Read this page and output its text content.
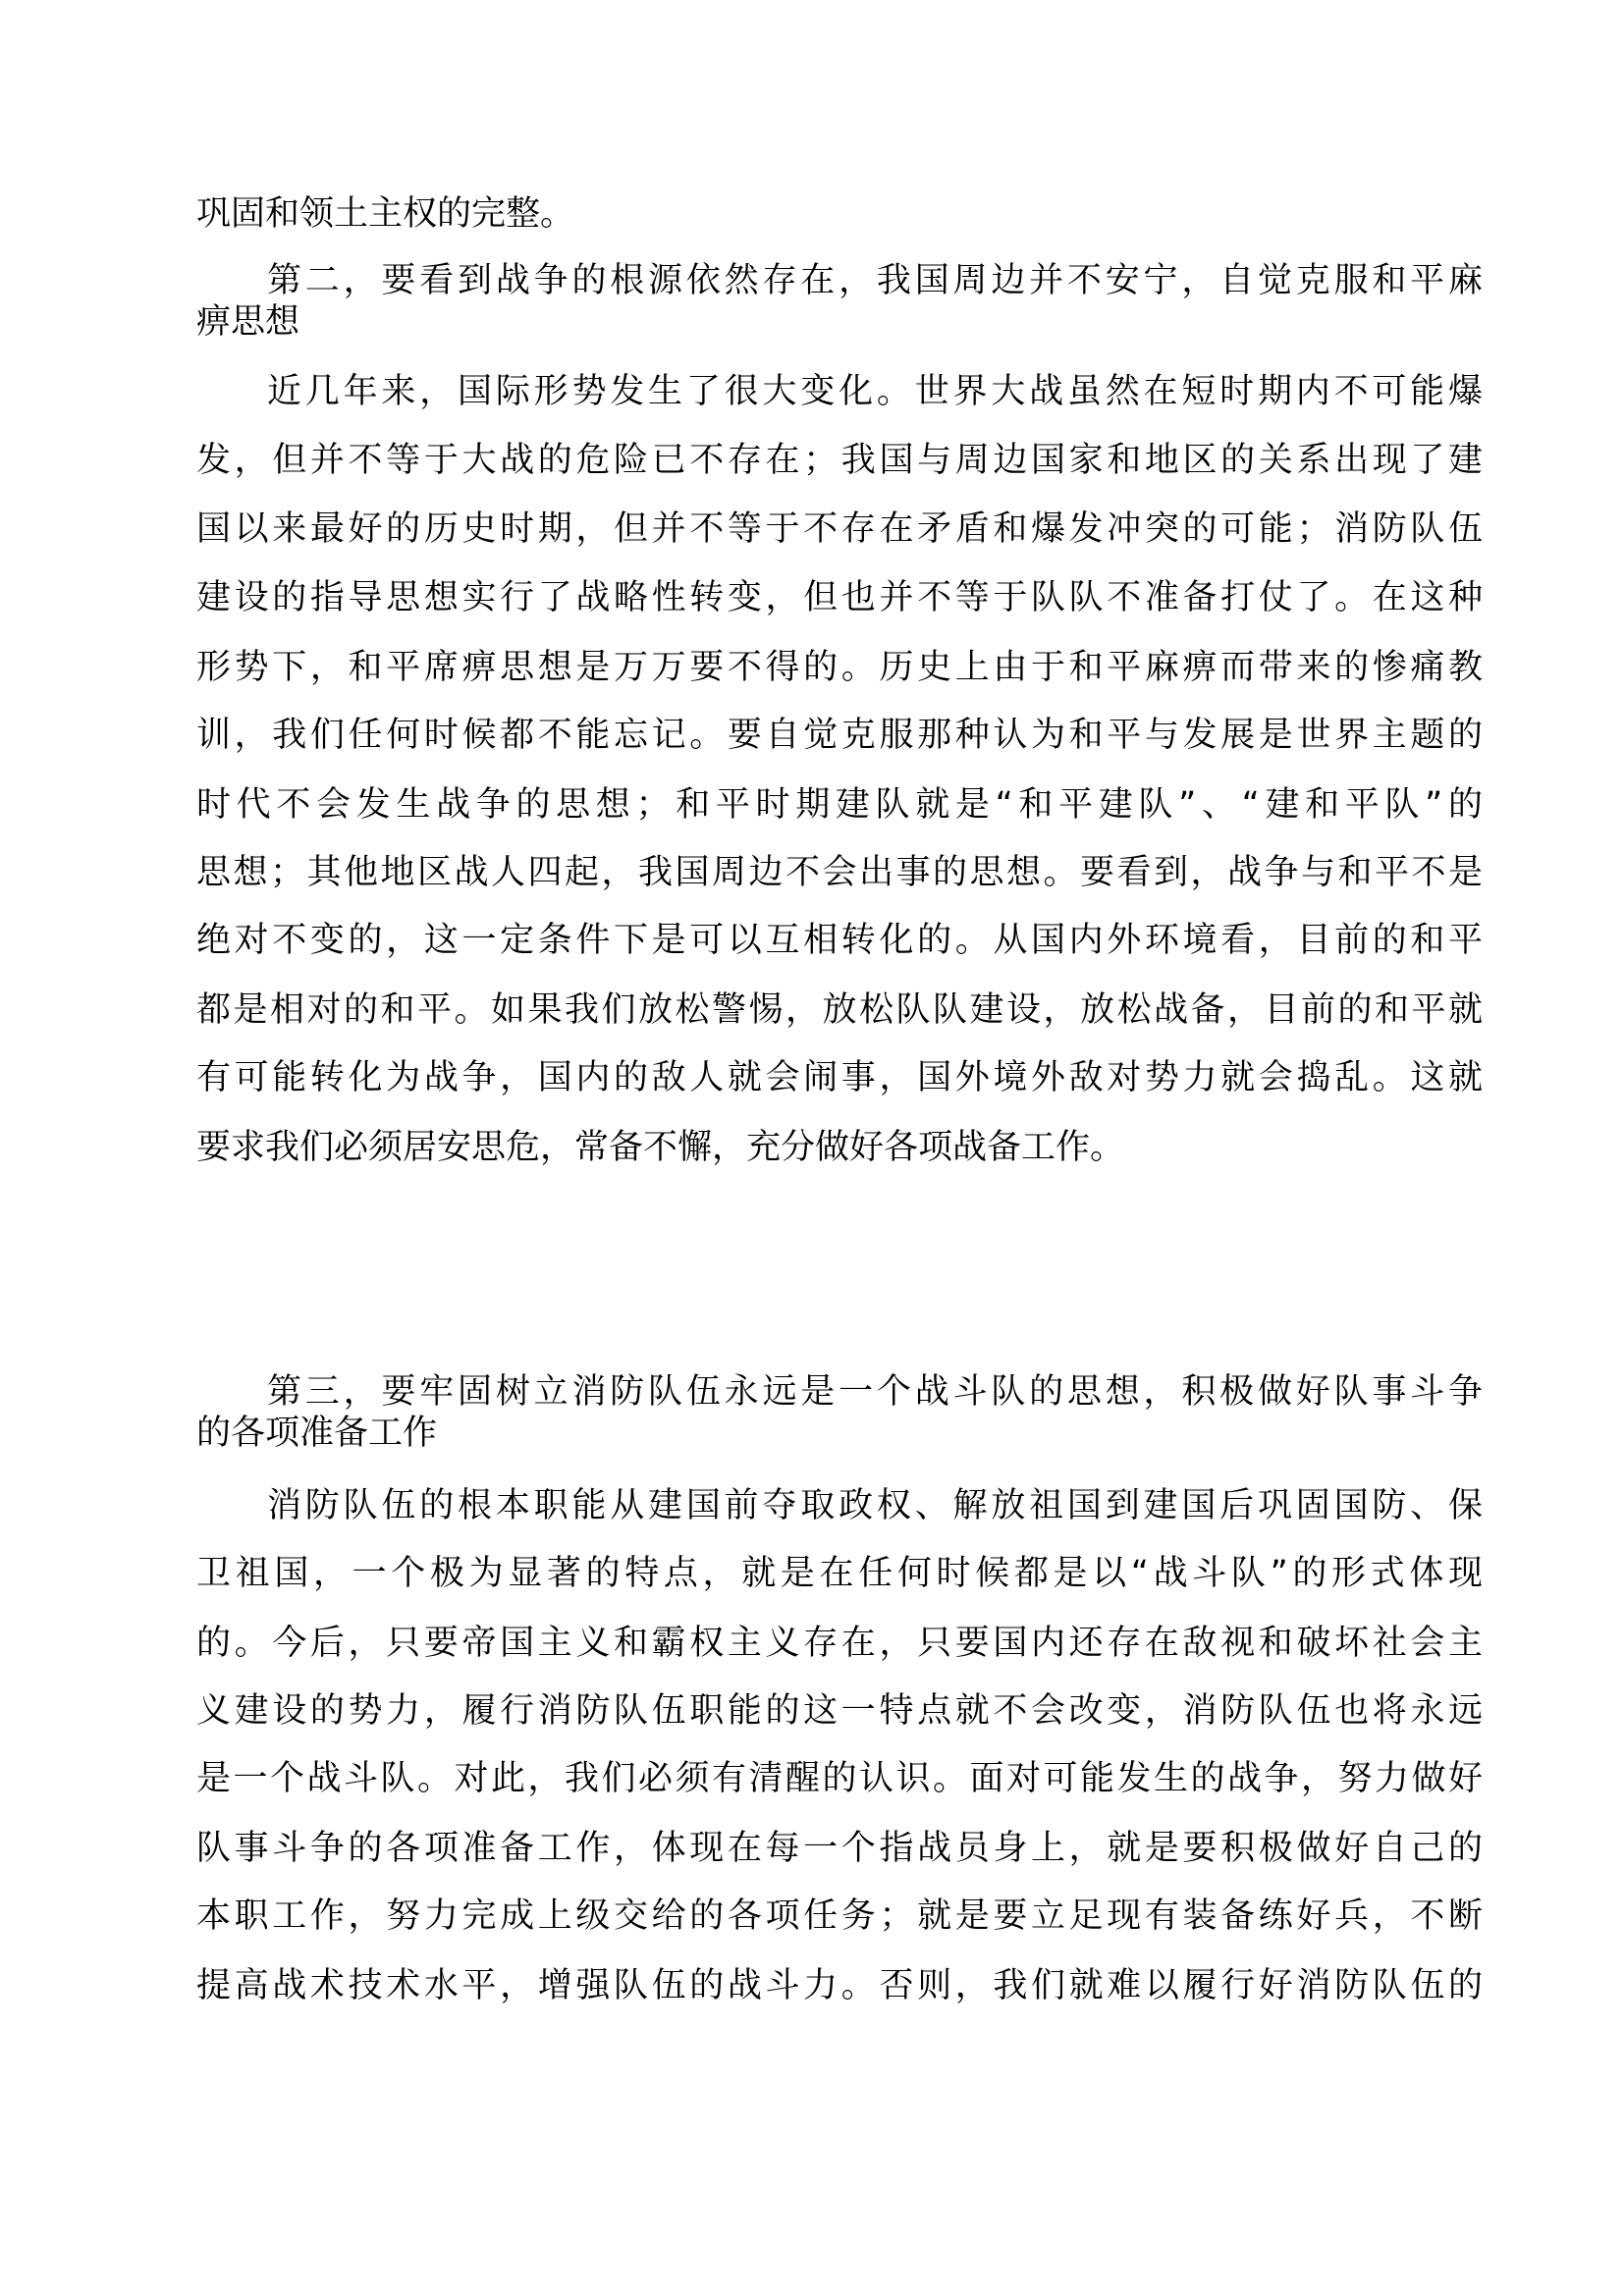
巩固和领土主权的完整。
第二，要看到战争的根源依然存在，我国周边并不安宁，自觉克服和平麻
痹思想
近几年来，国际形势发生了很大变化。世界大战虽然在短时期内不可能爆
发，但并不等于大战的危险已不存在；我国与周边国家和地区的关系出现了建
国以来最好的历史时期，但并不等于不存在矛盾和爆发冲突的可能；消防队伍
建设的指导思想实行了战略性转变，但也并不等于队队不准备打仗了。在这种
形势下，和平席痹思想是万万要不得的。历史上由于和平麻痹而带来的惨痛教
训，我们任何时候都不能忘记。要自觉克服那种认为和平与发展是世界主题的
时代不会发生战争的思想；和平时期建队就是“和平建队”、“建和平队”的
思想；其他地区战人四起，我国周边不会出事的思想。要看到，战争与和平不是
绝对不变的，这一定条件下是可以互相转化的。从国内外环境看，目前的和平
都是相对的和平。如果我们放松警惕，放松队队建设，放松战备，目前的和平就
有可能转化为战争，国内的敌人就会闹事，国外境外敌对势力就会捣乱。这就
要求我们必须居安思危，常备不懈，充分做好各项战备工作。
第三，要牢固树立消防队伍永远是一个战斗队的思想，积极做好队事斗争
的各项准备工作
消防队伍的根本职能从建国前夺取政权、解放祖国到建国后巩固国防、保
卫祖国，一个极为显著的特点，就是在任何时候都是以“战斗队”的形式体现
的。今后，只要帝国主义和霸权主义存在，只要国内还存在敌视和破坏社会主
义建设的势力，履行消防队伍职能的这一特点就不会改变，消防队伍也将永远
是一个战斗队。对此，我们必须有清醒的认识。面对可能发生的战争，努力做好
队事斗争的各项准备工作，体现在每一个指战员身上，就是要积极做好自己的
本职工作，努力完成上级交给的各项任务；就是要立足现有装备练好兵，不断
提高战术技术水平，增强队伍的战斗力。否则，我们就难以履行好消防队伍的
